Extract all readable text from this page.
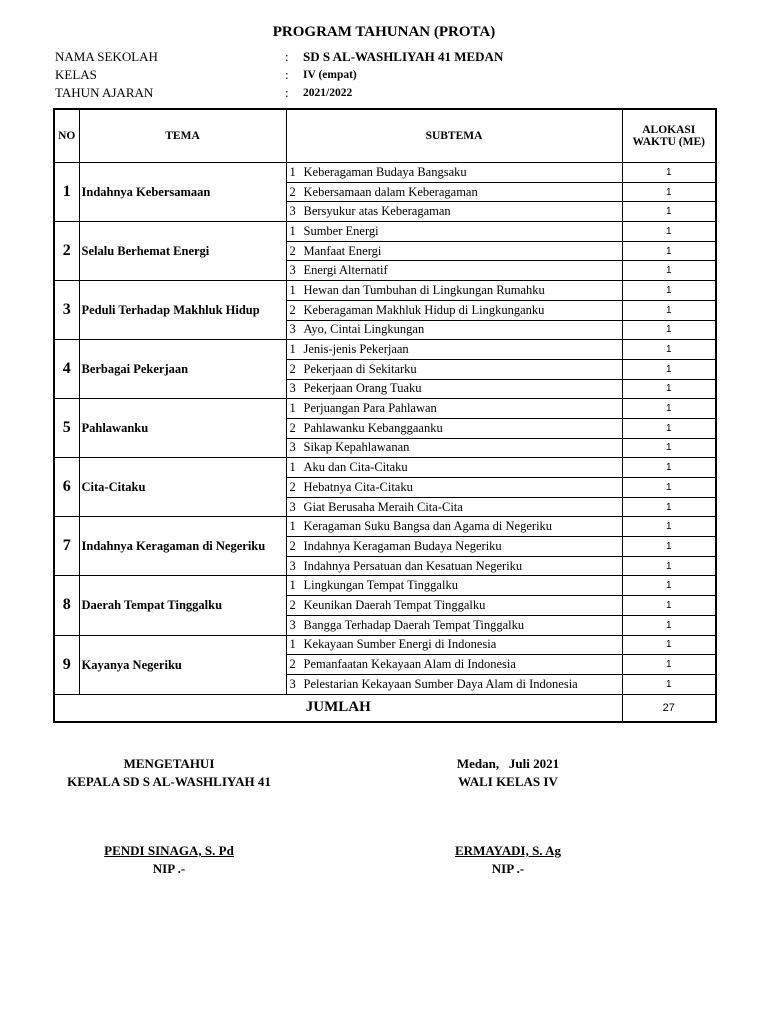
PROGRAM TAHUNAN (PROTA)
NAMA SEKOLAH	: SD S AL-WASHLIYAH 41 MEDAN
KELAS	: IV (empat)
TAHUN AJARAN	: 2021/2022
NO	TEMA	SUBTEMA	ALOKASI WAKTU (ME)
1	Indahnya Kebersamaan	1 Keberagaman Budaya Bangsaku	1
		2 Kebersamaan dalam Keberagaman	1
		3 Bersyukur atas Keberagaman	1
2	Selalu Berhemat Energi	1 Sumber Energi	1
		2 Manfaat Energi	1
		3 Energi Alternatif	1
3	Peduli Terhadap Makhluk Hidup	1 Hewan dan Tumbuhan di Lingkungan Rumahku	1
		2 Keberagaman Makhluk Hidup di Lingkunganku	1
		3 Ayo, Cintai Lingkungan	1
4	Berbagai Pekerjaan	1 Jenis-jenis Pekerjaan	1
		2 Pekerjaan di Sekitarku	1
		3 Pekerjaan Orang Tuaku	1
5	Pahlawanku	1 Perjuangan Para Pahlawan	1
		2 Pahlawanku Kebanggaanku	1
		3 Sikap Kepahlawanan	1
6	Cita-Citaku	1 Aku dan Cita-Citaku	1
		2 Hebatnya Cita-Citaku	1
		3 Giat Berusaha Meraih Cita-Cita	1
7	Indahnya Keragaman di Negeriku	1 Keragaman Suku Bangsa dan Agama di Negeriku	1
		2 Indahnya Keragaman Budaya Negeriku	1
		3 Indahnya Persatuan dan Kesatuan Negeriku	1
8	Daerah Tempat Tinggalku	1 Lingkungan Tempat Tinggalku	1
		2 Keunikan Daerah Tempat Tinggalku	1
		3 Bangga Terhadap Daerah Tempat Tinggalku	1
9	Kayanya Negeriku	1 Kekayaan Sumber Energi di Indonesia	1
		2 Pemanfaatan Kekayaan Alam di Indonesia	1
		3 Pelestarian Kekayaan Sumber Daya Alam di Indonesia	1
JUMLAH			27
MENGETAHUI
KEPALA SD S AL-WASHLIYAH 41
PENDI SINAGA, S. Pd
NIP .-
Medan,   Juli 2021
WALI KELAS IV
ERMAYADI, S. Ag
NIP .-
